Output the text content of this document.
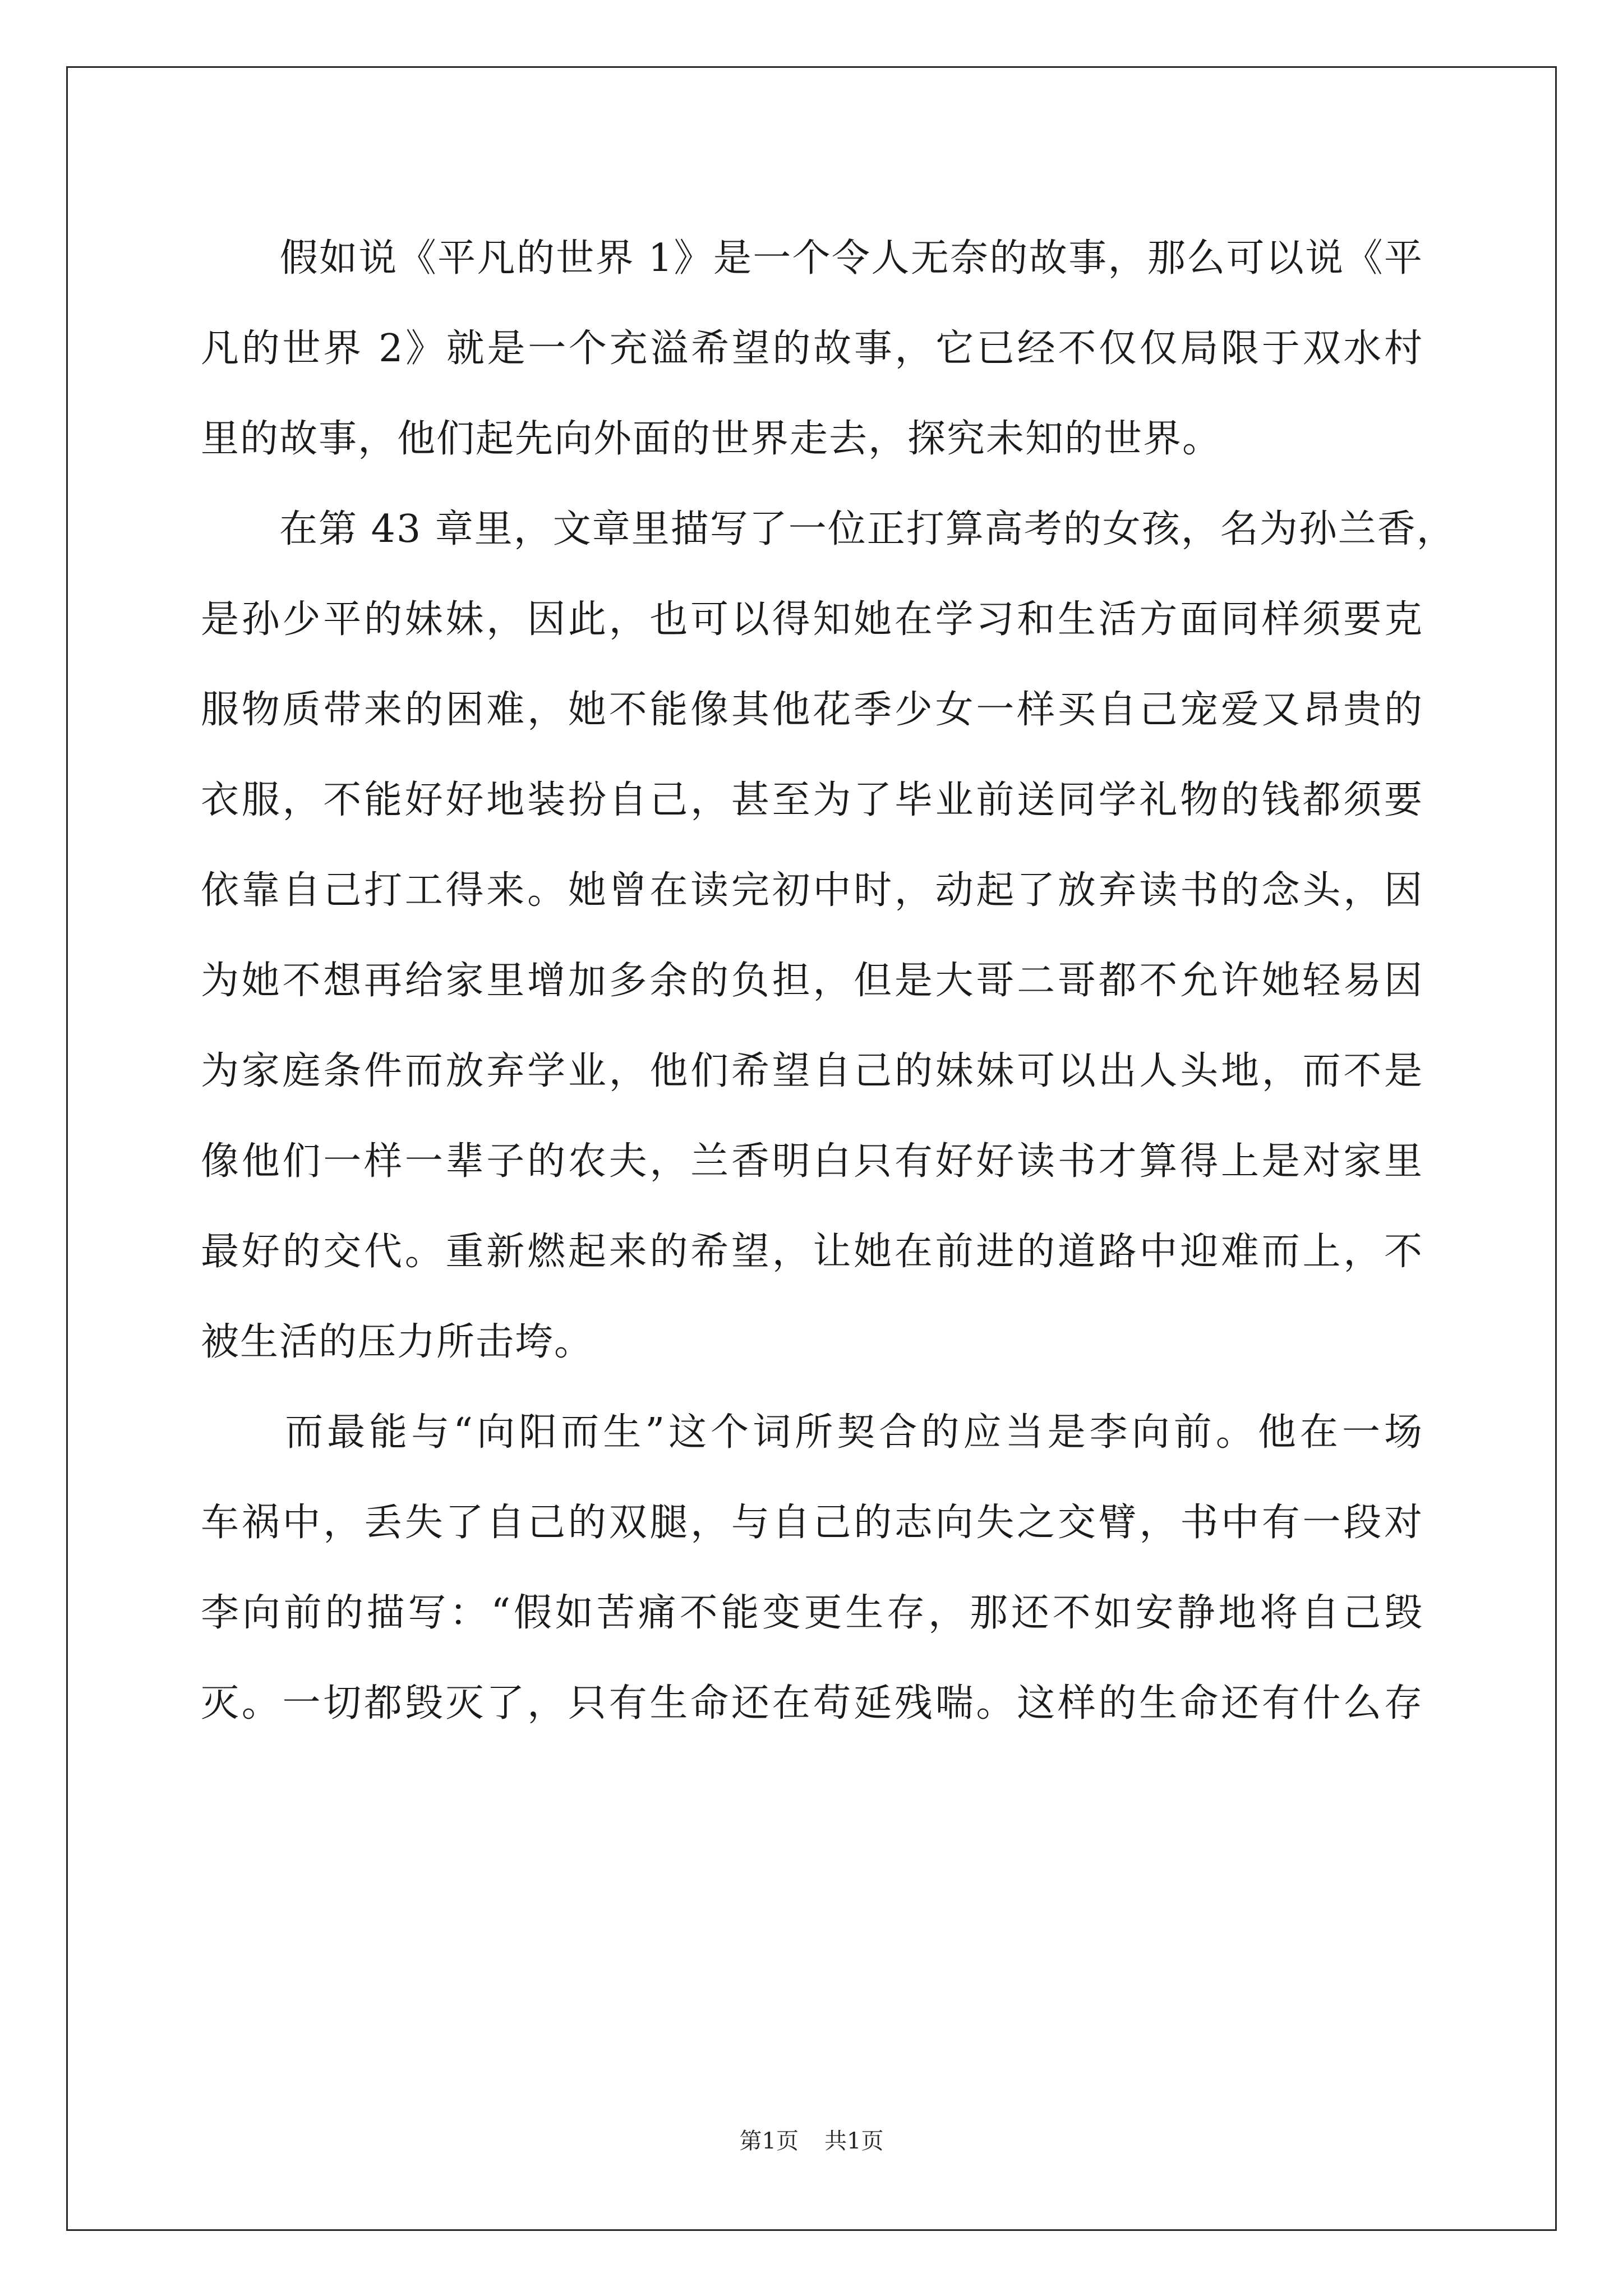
　　假如说《平凡的世界 1》是一个令人无奈的故事，那么可以说《平
凡的世界 2》就是一个充溢希望的故事，它已经不仅仅局限于双水村
里的故事，他们起先向外面的世界走去，探究未知的世界。
　　在第 43 章里，文章里描写了一位正打算高考的女孩，名为孙兰香，
是孙少平的妹妹，因此，也可以得知她在学习和生活方面同样须要克
服物质带来的困难，她不能像其他花季少女一样买自己宠爱又昂贵的
衣服，不能好好地装扮自己，甚至为了毕业前送同学礼物的钱都须要
依靠自己打工得来。她曾在读完初中时，动起了放弃读书的念头，因
为她不想再给家里增加多余的负担，但是大哥二哥都不允许她轻易因
为家庭条件而放弃学业，他们希望自己的妹妹可以出人头地，而不是
像他们一样一辈子的农夫，兰香明白只有好好读书才算得上是对家里
最好的交代。重新燃起来的希望，让她在前进的道路中迎难而上，不
被生活的压力所击垮。
　　而最能与“向阳而生”这个词所契合的应当是李向前。他在一场
车祸中，丢失了自己的双腿，与自己的志向失之交臂，书中有一段对
李向前的描写：“假如苦痛不能变更生存，那还不如安静地将自己毁
灭。一切都毁灭了，只有生命还在苟延残喘。这样的生命还有什么存
第1页 共1页
